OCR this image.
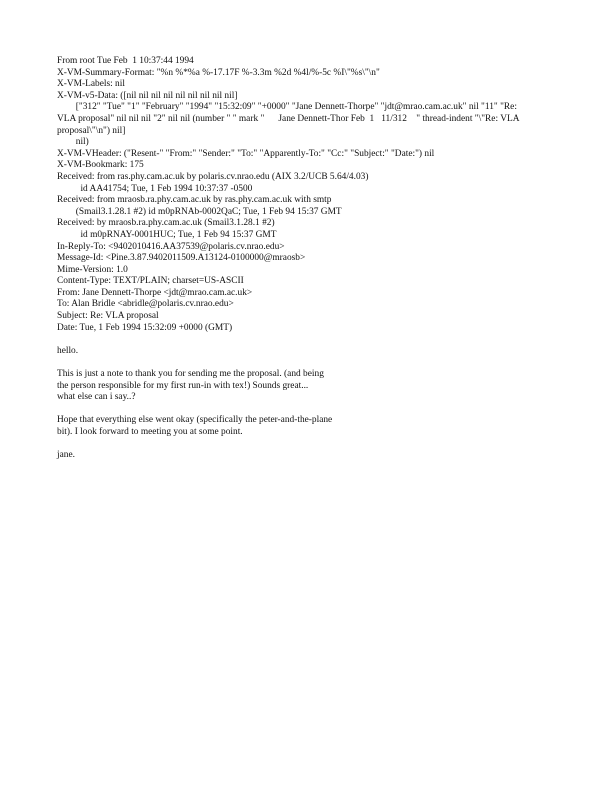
From root Tue Feb  1 10:37:44 1994
X-VM-Summary-Format: "%n %*%a %-17.17F %-3.3m %2d %4l/%-5c %I\"%s\"\n"
X-VM-Labels: nil
X-VM-v5-Data: ([nil nil nil nil nil nil nil nil nil]
["312" "Tue" "1" "February" "1994" "15:32:09" "+0000" "Jane Dennett-Thorpe" "jdt@mrao.cam.ac.uk" nil "11" "Re:
VLA proposal" nil nil nil "2" nil nil (number " " mark "      Jane Dennett-Thor Feb  1   11/312    " thread-indent "\"Re: VLA
proposal\"\n") nil]
nil)
X-VM-VHeader: ("Resent-" "From:" "Sender:" "To:" "Apparently-To:" "Cc:" "Subject:" "Date:") nil
X-VM-Bookmark: 175
Received: from ras.phy.cam.ac.uk by polaris.cv.nrao.edu (AIX 3.2/UCB 5.64/4.03)
id AA41754; Tue, 1 Feb 1994 10:37:37 -0500
Received: from mraosb.ra.phy.cam.ac.uk by ras.phy.cam.ac.uk with smtp
(Smail3.1.28.1 #2) id m0pRNAb-0002QaC; Tue, 1 Feb 94 15:37 GMT
Received: by mraosb.ra.phy.cam.ac.uk (Smail3.1.28.1 #2)
id m0pRNAY-0001HUC; Tue, 1 Feb 94 15:37 GMT
In-Reply-To: <9402010416.AA37539@polaris.cv.nrao.edu>
Message-Id: <Pine.3.87.9402011509.A13124-0100000@mraosb>
Mime-Version: 1.0
Content-Type: TEXT/PLAIN; charset=US-ASCII
From: Jane Dennett-Thorpe <jdt@mrao.cam.ac.uk>
To: Alan Bridle <abridle@polaris.cv.nrao.edu>
Subject: Re: VLA proposal
Date: Tue, 1 Feb 1994 15:32:09 +0000 (GMT)
hello.
This is just a note to thank you for sending me the proposal. (and being
the person responsible for my first run-in with tex!) Sounds great...
what else can i say..?
Hope that everything else went okay (specifically the peter-and-the-plane
bit). I look forward to meeting you at some point.
jane.
